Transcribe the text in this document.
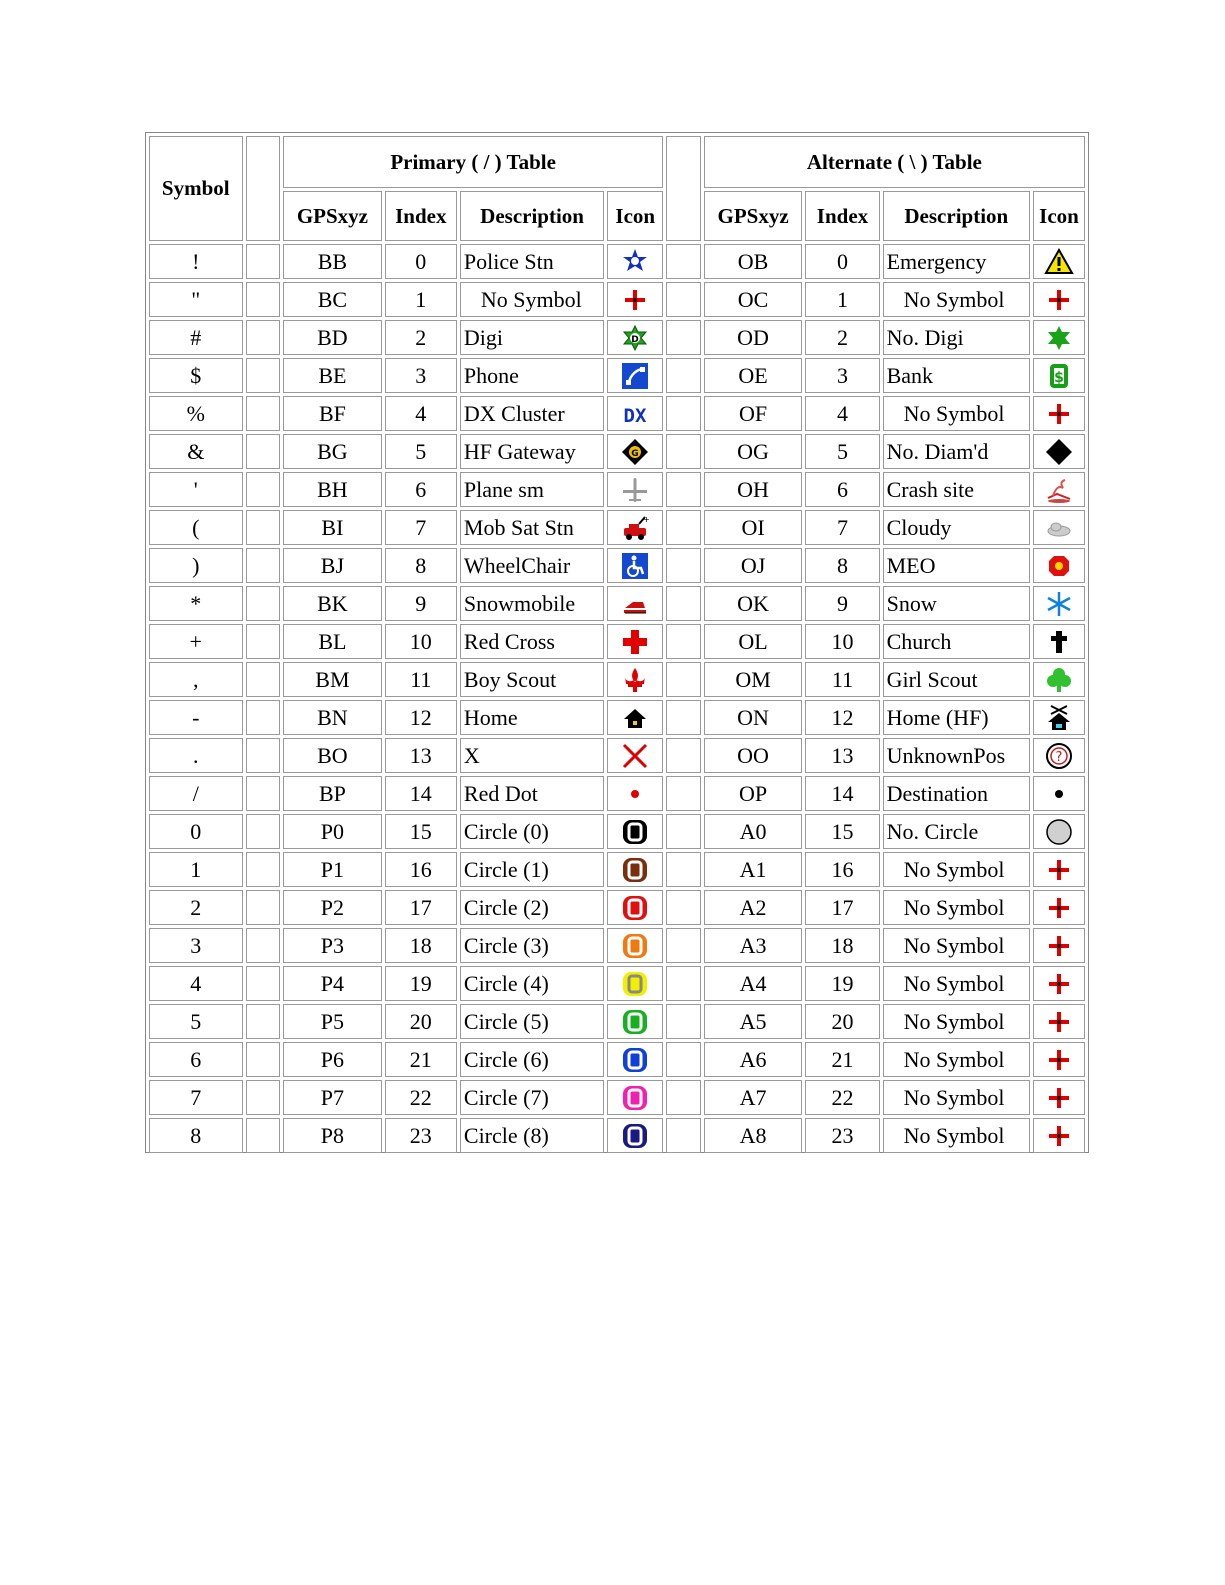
Symbol		Primary ( / ) Table					Alternate ( \ ) Table			
		GPSxyz	Index	Description	Icon		GPSxyz	Index	Description	Icon
!		BB	0	Police Stn			OB	0	Emergency	

"		BC	1	No Symbol			OC	1	No Symbol	

#		BD	2	Digi	D		OD	2	No. Digi	

$		BE	3	Phone			OE	3	Bank	$

%		BF	4	DX Cluster	DX		OF	4	No Symbol	

&		BG	5	HF Gateway	G		OG	5	No. Diam'd	

'		BH	6	Plane sm			OH	6	Crash site	

(		BI	7	Mob Sat Stn	+		OI	7	Cloudy	

)		BJ	8	WheelChair			OJ	8	MEO	

*		BK	9	Snowmobile			OK	9	Snow	

+		BL	10	Red Cross			OL	10	Church	

,		BM	11	Boy Scout			OM	11	Girl Scout	

-		BN	12	Home			ON	12	Home (HF)	

.		BO	13	X			OO	13	UnknownPos	?

/		BP	14	Red Dot			OP	14	Destination	

0		P0	15	Circle (0)			A0	15	No. Circle	

1		P1	16	Circle (1)			A1	16	No Symbol	

2		P2	17	Circle (2)			A2	17	No Symbol	

3		P3	18	Circle (3)			A3	18	No Symbol	

4		P4	19	Circle (4)			A4	19	No Symbol	

5		P5	20	Circle (5)			A5	20	No Symbol	

6		P6	21	Circle (6)			A6	21	No Symbol	

7		P7	22	Circle (7)			A7	22	No Symbol	

8		P8	23	Circle (8)			A8	23	No Symbol	
